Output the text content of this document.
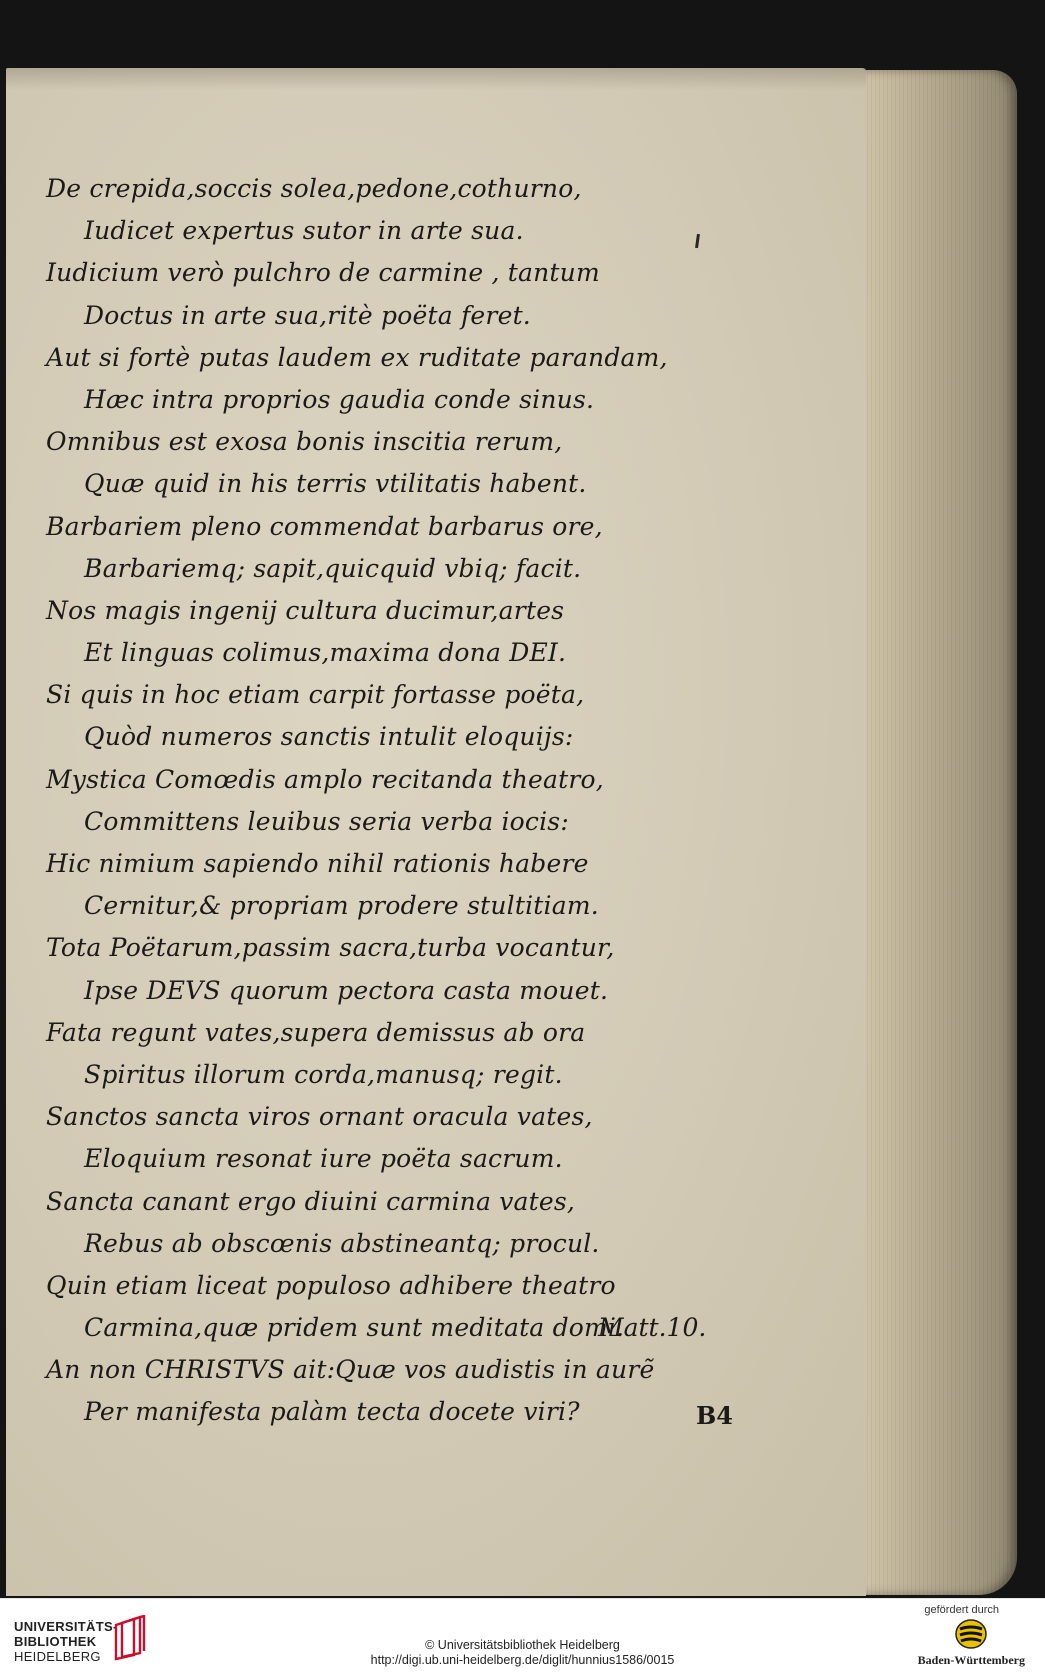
De crepida,soccis solea,pedone,cothurno,
Iudicet expertus sutor in arte sua.
Iudicium verò pulchro de carmine , tantum
Doctus in arte sua,ritè poëta feret.
Aut si fortè putas laudem ex ruditate parandam,
Hæc intra proprios gaudia conde sinus.
Omnibus est exosa bonis inscitia rerum,
Quæ quid in his terris vtilitatis habent.
Barbariem pleno commendat barbarus ore,
Barbariemq; sapit,quicquid vbiq; facit.
Nos magis ingenij cultura ducimur,artes
Et linguas colimus,maxima dona DEI.
Si quis in hoc etiam carpit fortasse poëta,
Quòd numeros sanctis intulit eloquijs:
Mystica Comœdis amplo recitanda theatro,
Committens leuibus seria verba iocis:
Hic nimium sapiendo nihil rationis habere
Cernitur,& propriam prodere stultitiam.
Tota Poëtarum,passim sacra,turba vocantur,
Ipse DEVS quorum pectora casta mouet.
Fata regunt vates,supera demissus ab ora
Spiritus illorum corda,manusq; regit.
Sanctos sancta viros ornant oracula vates,
Eloquium resonat iure poëta sacrum.
Sancta canant ergo diuini carmina vates,
Rebus ab obscœnis abstineantq; procul.
Quin etiam liceat populoso adhibere theatro
Carmina,quæ pridem sunt meditata domi.
An non CHRISTVS ait:Quæ vos audistis in aurẽ
Per manifesta palàm tecta docete viri?
Matt.10.
B4
UNIVERSITÄTS-
BIBLIOTHEK
HEIDELBERG
© Universitätsbibliothek Heidelberg
http://digi.ub.uni-heidelberg.de/diglit/hunnius1586/0015
gefördert durch
Baden-Württemberg
